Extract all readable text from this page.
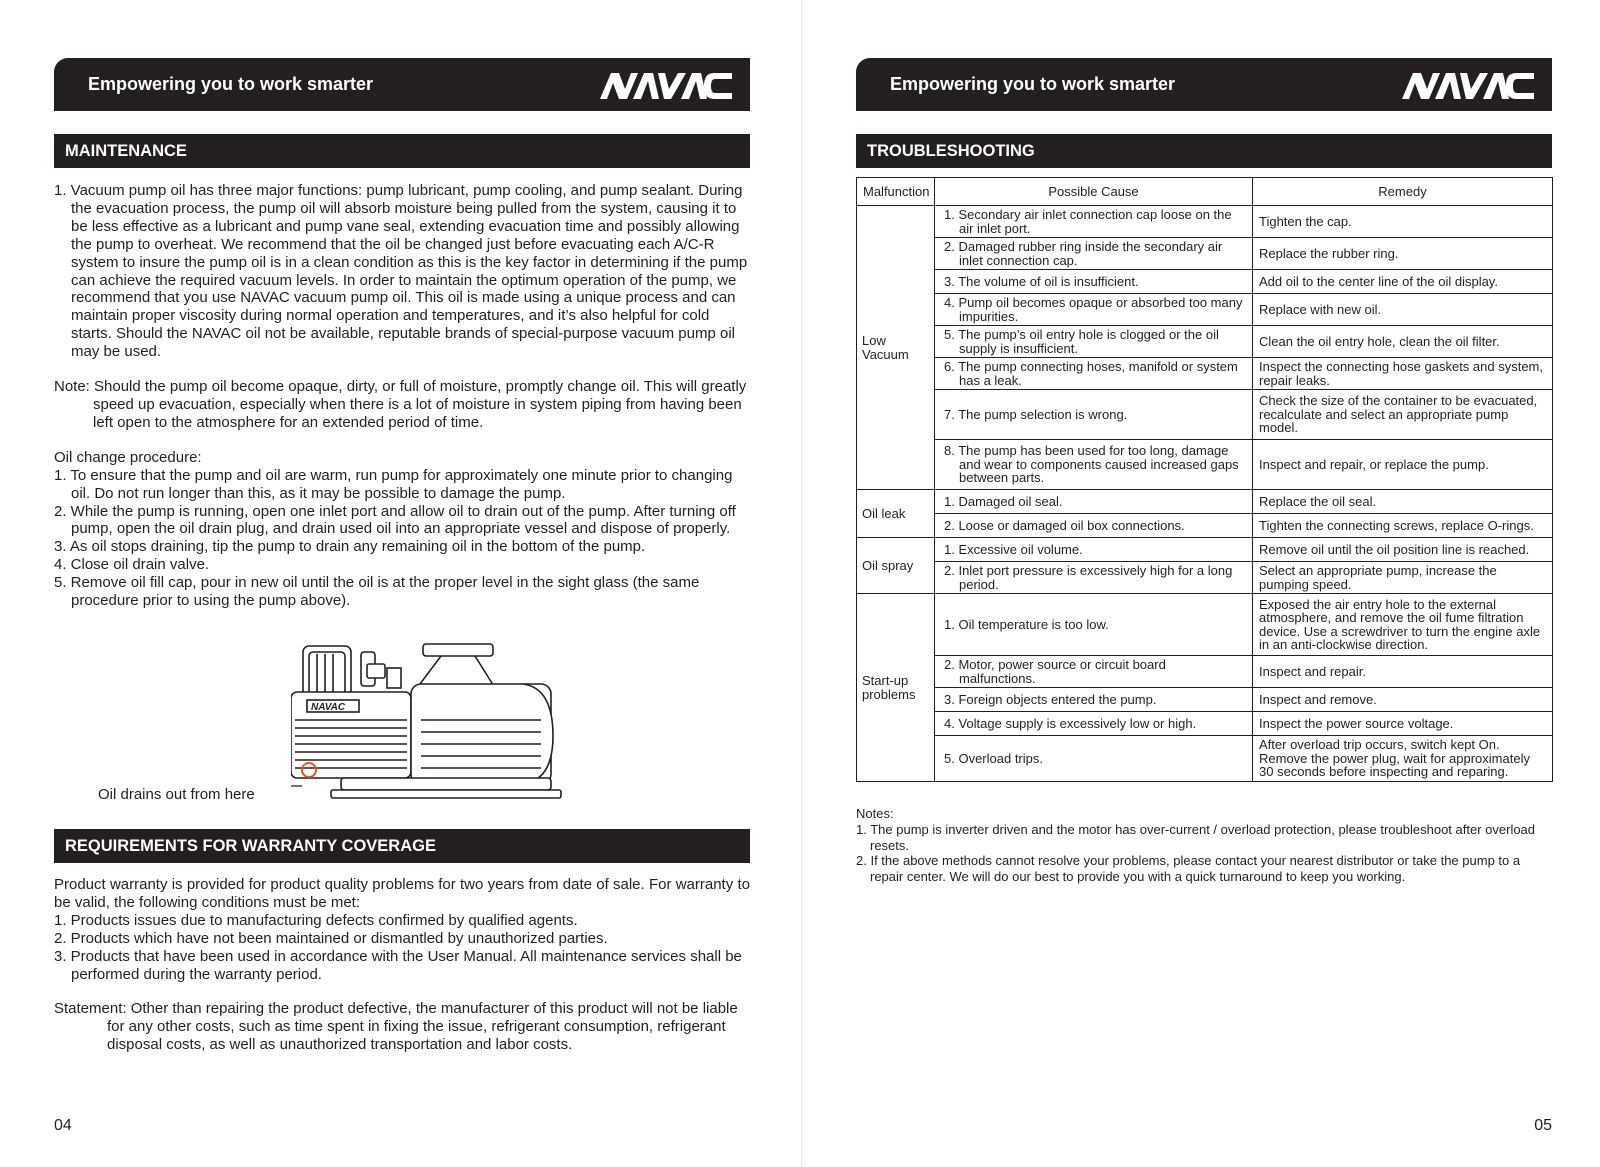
Empowering you to work smarter
MAINTENANCE

1. Vacuum pump oil has three major functions: pump lubricant, pump cooling, and pump sealant. During the evacuation process, the pump oil will absorb moisture being pulled from the system, causing it to be less effective as a lubricant and pump vane seal, extending evacuation time and possibly allowing the pump to overheat. We recommend that the oil be changed just before evacuating each A/C-R system to insure the pump oil is in a clean condition as this is the key factor in determining if the pump can achieve the required vacuum levels. In order to maintain the optimum operation of the pump, we recommend that you use NAVAC vacuum pump oil. This oil is made using a unique process and can maintain proper viscosity during normal operation and temperatures, and it’s also helpful for cold starts. Should the NAVAC oil not be available, reputable brands of special-purpose vacuum pump oil may be used.

Note: Should the pump oil become opaque, dirty, or full of moisture, promptly change oil. This will greatly speed up evacuation, especially when there is a lot of moisture in system piping from having been left open to the atmosphere for an extended period of time.

Oil change procedure:

1. To ensure that the pump and oil are warm, run pump for approximately one minute prior to changing oil. Do not run longer than this, as it may be possible to damage the pump.

2. While the pump is running, open one inlet port and allow oil to drain out of the pump. After turning off pump, open the oil drain plug, and drain used oil into an appropriate vessel and dispose of properly.

3. As oil stops draining, tip the pump to drain any remaining oil in the bottom of the pump.

4. Close oil drain valve.

5. Remove oil fill cap, pour in new oil until the oil is at the proper level in the sight glass (the same procedure prior to using the pump above).

NAVAC
Oil drains out from here
REQUIREMENTS FOR WARRANTY COVERAGE

Product warranty is provided for product quality problems for two years from date of sale. For warranty to be valid, the following conditions must be met:

1. Products issues due to manufacturing defects confirmed by qualified agents.

2. Products which have not been maintained or dismantled by unauthorized parties.

3. Products that have been used in accordance with the User Manual. All maintenance services shall be performed during the warranty period.

Statement: Other than repairing the product defective, the manufacturer of this product will not be liable for any other costs, such as time spent in fixing the issue, refrigerant consumption, refrigerant disposal costs, as well as unauthorized transportation and labor costs.

04
Empowering you to work smarter
TROUBLESHOOTING
Malfunction	Possible Cause	Remedy
Low Vacuum	1. Secondary air inlet connection cap loose on the air inlet port.	Tighten the cap.

	2. Damaged rubber ring inside the secondary air inlet connection cap.	Replace the rubber ring.

	3. The volume of oil is insufficient.	Add oil to the center line of the oil display.

	4. Pump oil becomes opaque or absorbed too many impurities.	Replace with new oil.

	5. The pump’s oil entry hole is clogged or the oil supply is insufficient.	Clean the oil entry hole, clean the oil filter.

	6. The pump connecting hoses, manifold or system has a leak.	Inspect the connecting hose gaskets and system, repair leaks.

	7. The pump selection is wrong.	Check the size of the container to be evacuated, recalculate and select an appropriate pump model.

	8. The pump has been used for too long, damage and wear to components caused increased gaps between parts.	Inspect and repair, or replace the pump.
Oil leak	1. Damaged oil seal.	Replace the oil seal.

	2. Loose or damaged oil box connections.	Tighten the connecting screws, replace O-rings.
Oil spray	1. Excessive oil volume.	Remove oil until the oil position line is reached.

	2. Inlet port pressure is excessively high for a long period.	Select an appropriate pump, increase the pumping speed.
Start-up problems	1. Oil temperature is too low.	Exposed the air entry hole to the external atmosphere, and remove the oil fume filtration device. Use a screwdriver to turn the engine axle in an anti-clockwise direction.

	2. Motor, power source or circuit board malfunctions.	Inspect and repair.

	3. Foreign objects entered the pump.	Inspect and remove.

	4. Voltage supply is excessively low or high.	Inspect the power source voltage.

	5. Overload trips.	After overload trip occurs, switch kept On. Remove the power plug, wait for approximately 30 seconds before inspecting and reparing.

Notes:

1. The pump is inverter driven and the motor has over-current / overload protection, please troubleshoot after overload resets.

2. If the above methods cannot resolve your problems, please contact your nearest distributor or take the pump to a repair center. We will do our best to provide you with a quick turnaround to keep you working.

05
